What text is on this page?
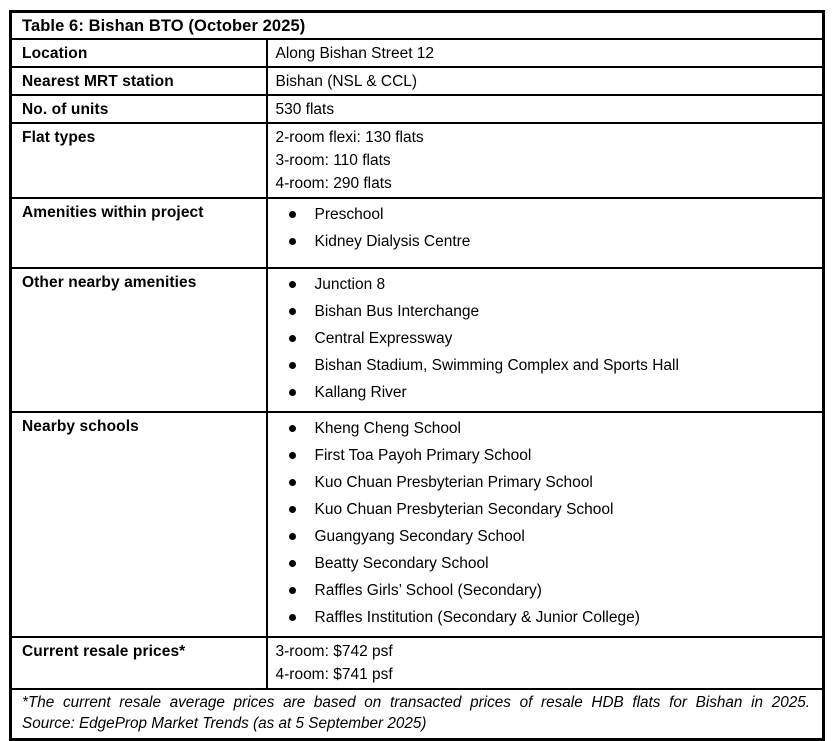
Table 6: Bishan BTO (October 2025)	
Location	Along Bishan Street 12
Nearest MRT station	Bishan (NSL & CCL)
No. of units	530 flats
Flat types	2-room flexi: 130 flats
3-room: 110 flats
4-room: 290 flats

Amenities within project	Preschool
Kidney Dialysis Centre

Other nearby amenities	Junction 8
Bishan Bus Interchange
Central Expressway
Bishan Stadium, Swimming Complex and Sports Hall
Kallang River

Nearby schools	Kheng Cheng School
First Toa Payoh Primary School
Kuo Chuan Presbyterian Primary School
Kuo Chuan Presbyterian Secondary School
Guangyang Secondary School
Beatty Secondary School
Raffles Girls’ School (Secondary)
Raffles Institution (Secondary & Junior College)

Current resale prices*	3-room: $742 psf
4-room: $741 psf

*The current resale average prices are based on transacted prices of resale HDB flats for Bishan in 2025.
Source: EdgeProp Market Trends (as at 5 September 2025)	
